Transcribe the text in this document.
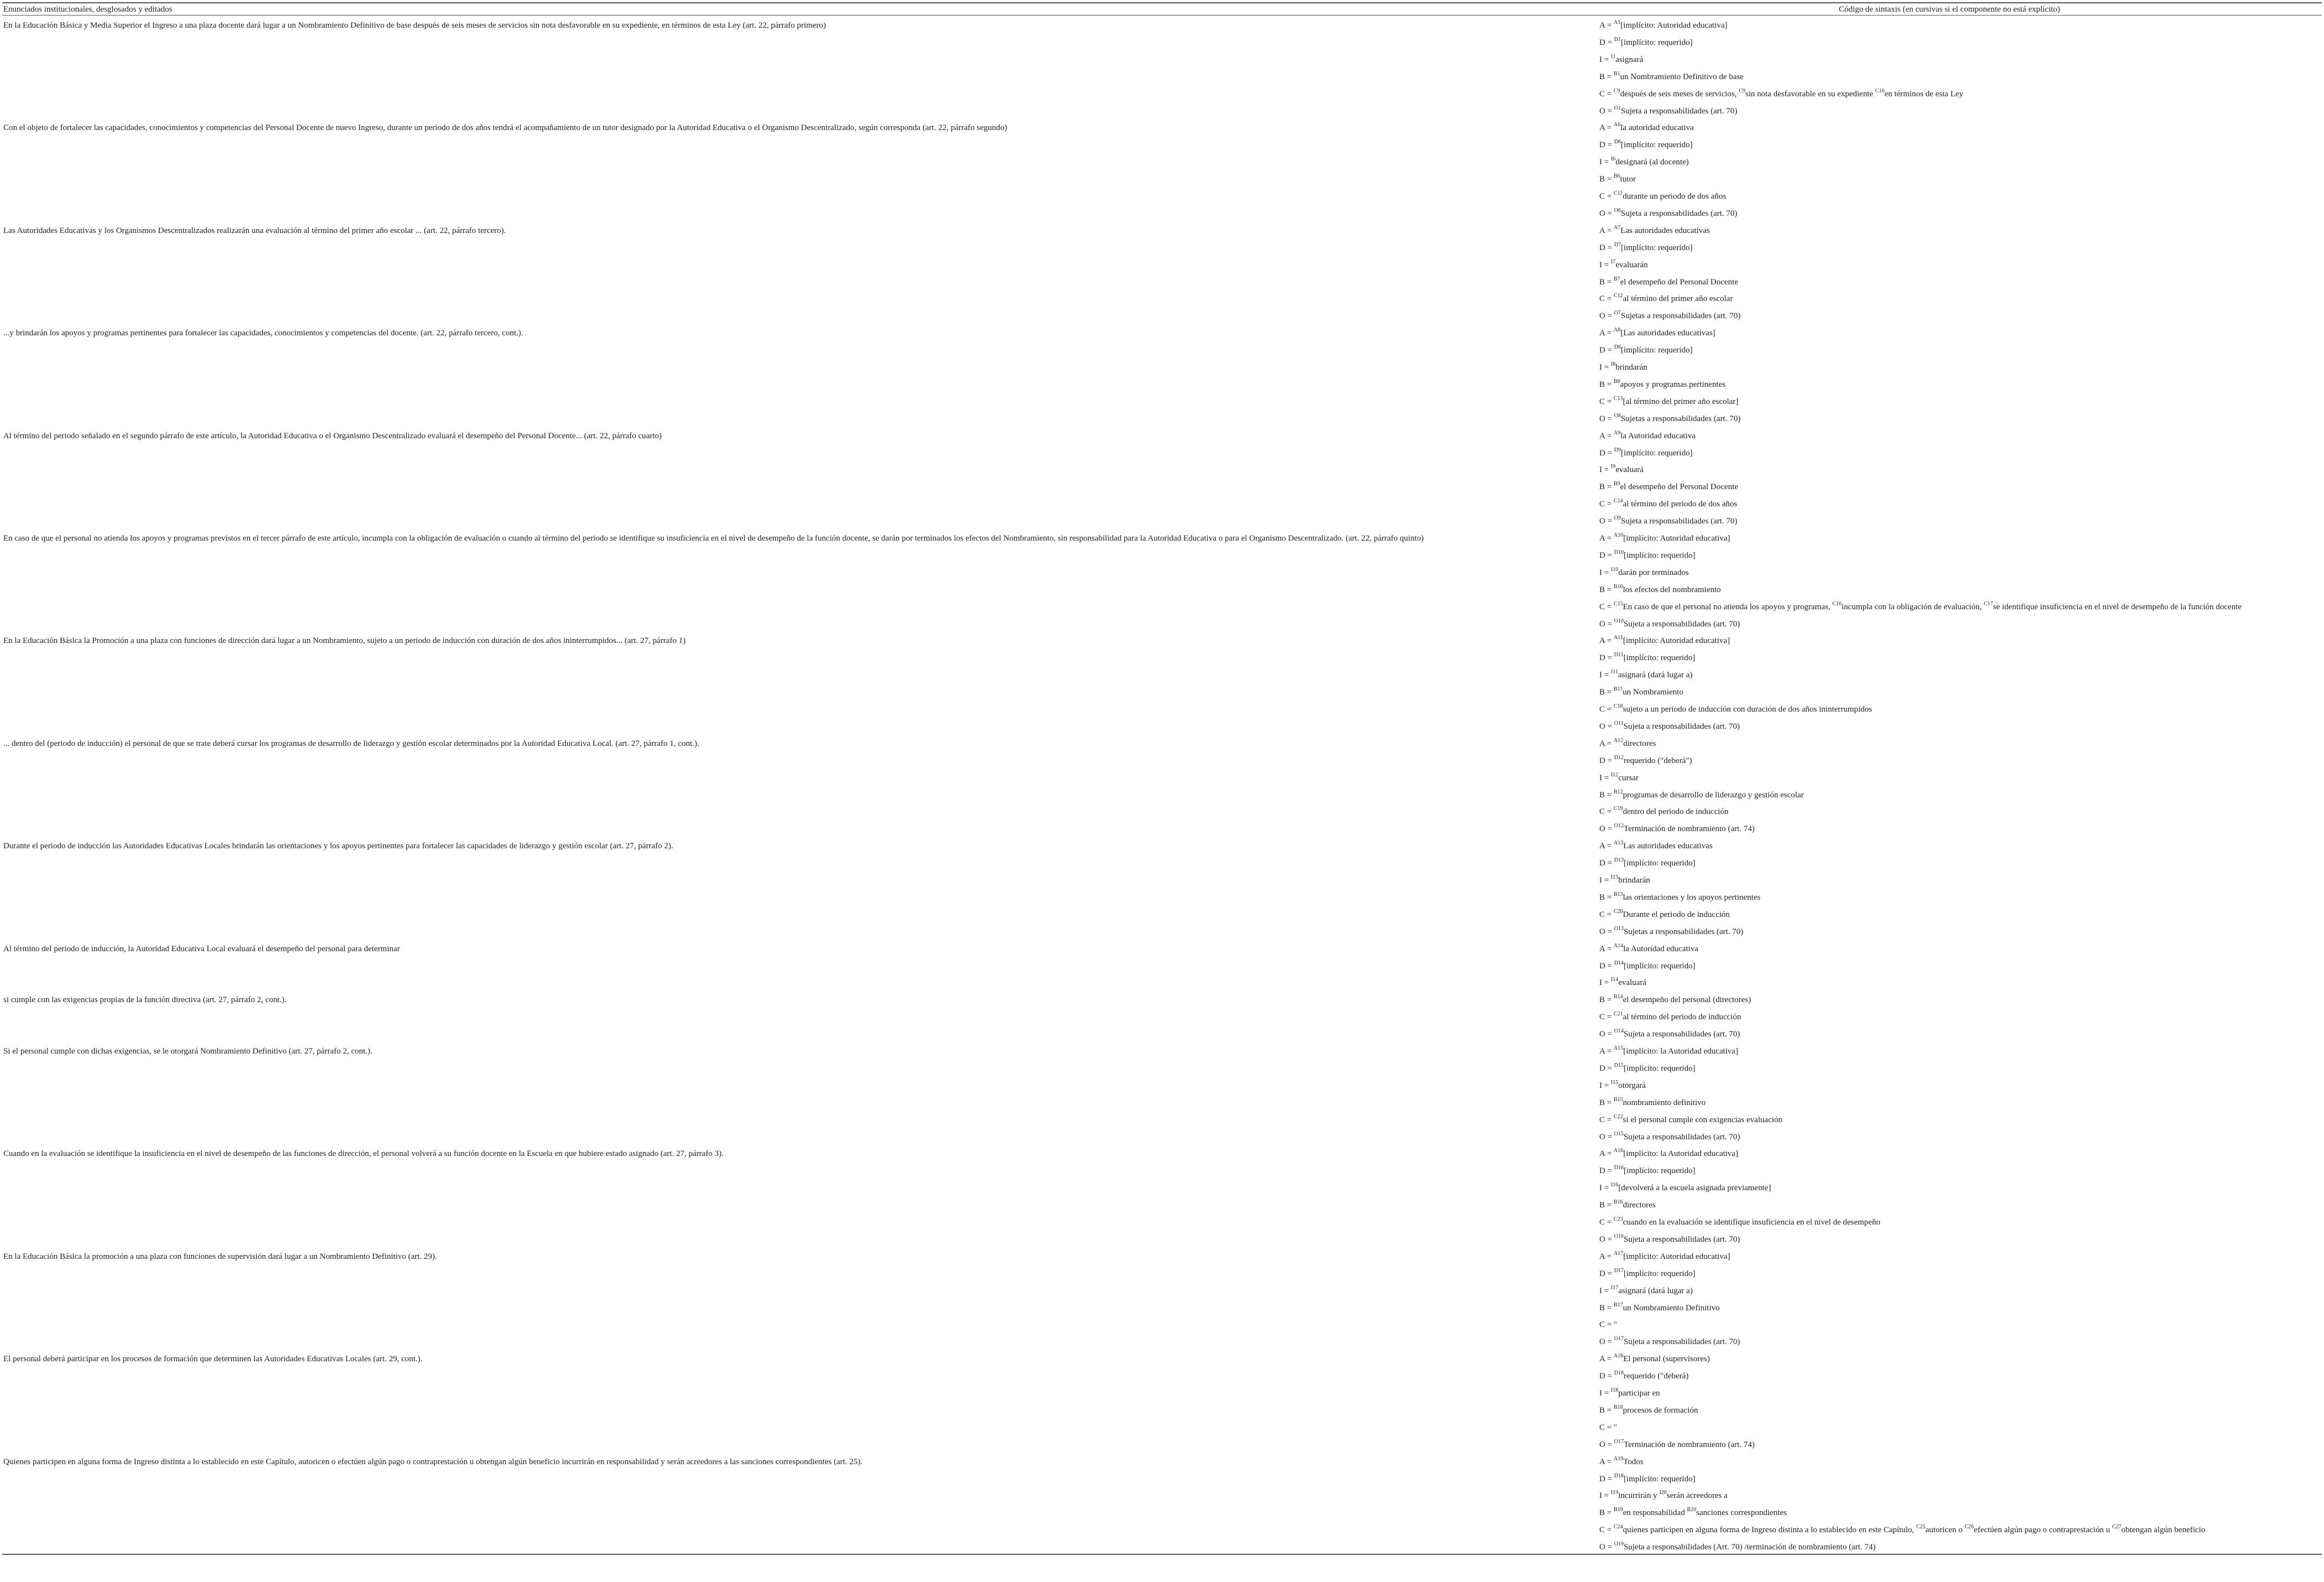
Enunciados institucionales, desglosados y editados	Código de sintaxis (en cursivas si el componente no está explícito)
En la Educación Básica y Media Superior el Ingreso a una plaza docente dará lugar a un Nombramiento Definitivo de base después de seis meses de servicios sin nota desfavorable en su expediente, en términos de esta Ley (art. 22, párrafo primero)	A = $^{A1}$[implícito: Autoridad educativa]
D = $^{D1}$[implícito: requerido]
I = $^{I1}$asignará
B = $^{B1}$un Nombramiento Definitivo de base
C = $^{C9}$después de seis meses de servicios, $^{C9}$sin nota desfavorable en su expediente $^{C10}$en términos de esta Ley
O = $^{O1}$Sujeta a responsabilidades (art. 70)
Con el objeto de fortalecer las capacidades, conocimientos y competencias del Personal Docente de nuevo Ingreso, durante un periodo de dos años tendrá el acompañamiento de un tutor designado por la Autoridad Educativa o el Organismo Descentralizado, según corresponda (art. 22, párrafo segundo)	A = $^{A6}$la autoridad educativa
D = $^{D6}$[implícito: requerido]
I = $^{I6}$designará (al docente)
B = $^{B6}$tutor
C = $^{C11}$durante un periodo de dos años
O = $^{O6}$Sujeta a responsabilidades (art. 70)
Las Autoridades Educativas y los Organismos Descentralizados realizarán una evaluación al término del primer año escolar ... (art. 22, párrafo tercero).	A = $^{A7}$Las autoridades educativas
D = $^{D7}$[implícito: requerido]
I = $^{I7}$evaluarán
B = $^{B7}$el desempeño del Personal Docente
C = $^{C12}$al término del primer año escolar
O = $^{O7}$Sujetas a responsabilidades (art. 70)
...y brindarán los apoyos y programas pertinentes para fortalecer las capacidades, conocimientos y competencias del docente. (art. 22, párrafo tercero, cont.).	A = $^{A8}$[Las autoridades educativas]
D = $^{D8}$[implícito: requerido]
I = $^{I8}$brindarán
B = $^{B8}$apoyos y programas pertinentes
C = $^{C13}$[al término del primer año escolar]
O = $^{O8}$Sujetas a responsabilidades (art. 70)
Al término del periodo señalado en el segundo párrafo de este artículo, la Autoridad Educativa o el Organismo Descentralizado evaluará el desempeño del Personal Docente... (art. 22, párrafo cuarto)	A = $^{A9}$la Autoridad educativa
D = $^{D9}$[implícito: requerido]
I = $^{I9}$evaluará
B = $^{B9}$el desempeño del Personal Docente
C = $^{C14}$al término del periodo de dos años
O = $^{O9}$Sujeta a responsabilidades (art. 70)
En caso de que el personal no atienda los apoyos y programas previstos en el tercer párrafo de este artículo, incumpla con la obligación de evaluación o cuando al término del periodo se identifique su insuficiencia en el nivel de desempeño de la función docente, se darán por terminados los efectos del Nombramiento, sin responsabilidad para la Autoridad Educativa o para el Organismo Descentralizado. (art. 22, párrafo quinto)	A = $^{A10}$[implícito: Autoridad educativa]
D = $^{D10}$[implícito: requerido]
I = $^{I10}$darán por terminados
B = $^{B10}$los efectos del nombramiento
C = $^{C15}$En caso de que el personal no atienda los apoyos y programas, $^{C16}$incumpla con la obligación de evaluación, $^{C17}$se identifique insuficiencia en el nivel de desempeño de la función docente
O = $^{O10}$Sujeta a responsabilidades (art. 70)
En la Educación Básica la Promoción a una plaza con funciones de dirección dará lugar a un Nombramiento, sujeto a un periodo de inducción con duración de dos años ininterrumpidos... (art. 27, párrafo 1)	A = $^{A11}$[implícito: Autoridad educativa]
D = $^{D11}$[implícito: requerido]
I = $^{I11}$asignará (dará lugar a)
B = $^{B11}$un Nombramiento
C = $^{C18}$sujeto a un periodo de inducción con duración de dos años ininterrumpidos
O = $^{O11}$Sujeta a responsabilidades (art. 70)
... dentro del (periodo de inducción) el personal de que se trate deberá cursar los programas de desarrollo de liderazgo y gestión escolar determinados por la Autoridad Educativa Local. (art. 27, párrafo 1, cont.).	A = $^{A12}$directores
D = $^{D12}$requerido ("deberá")
I = $^{I12}$cursar
B = $^{B12}$programas de desarrollo de liderazgo y gestión escolar
C = $^{C19}$dentro del periodo de inducción
O = $^{O12}$Terminación de nombramiento (art. 74)
Durante el periodo de inducción las Autoridades Educativas Locales brindarán las orientaciones y los apoyos pertinentes para fortalecer las capacidades de liderazgo y gestión escolar (art. 27, párrafo 2).	A = $^{A13}$Las autoridades educativas
D = $^{D13}$[implícito: requerido]
I = $^{I13}$brindarán
B = $^{B13}$las orientaciones y los apoyos pertinentes
C = $^{C20}$Durante el periodo de inducción
O = $^{O13}$Sujetas a responsabilidades (art. 70)
Al término del periodo de inducción, la Autoridad Educativa Local evaluará el desempeño del personal para determinar	A = $^{A14}$la Autoridad educativa
D = $^{D14}$[implícito: requerido]
I = $^{I14}$evaluará
si cumple con las exigencias propias de la función directiva (art. 27, párrafo 2, cont.).	B = $^{B14}$el desempeño del personal (directores)
C = $^{C21}$al término del periodo de inducción
O = $^{O14}$Sujeta a responsabilidades (art. 70)
Si el personal cumple con dichas exigencias, se le otorgará Nombramiento Definitivo (art. 27, párrafo 2, cont.).	A = $^{A15}$[implícito: la Autoridad educativa]
D = $^{D15}$[implícito: requerido]
I = $^{I15}$otorgará
B = $^{B15}$nombramiento definitivo
C = $^{C22}$si el personal cumple con exigencias evaluación
O = $^{O15}$Sujeta a responsabilidades (art. 70)
Cuando en la evaluación se identifique la insuficiencia en el nivel de desempeño de las funciones de dirección, el personal volverá a su función docente en la Escuela en que hubiere estado asignado (art. 27, párrafo 3).	A = $^{A16}$[implícito: la Autoridad educativa]
D = $^{D16}$[implícito: requerido]
I = $^{I16}$[devolverá a la escuela asignada previamente]
B = $^{B16}$directores
C = $^{C23}$cuando en la evaluación se identifique insuficiencia en el nivel de desempeño
O = $^{O16}$Sujeta a responsabilidades (art. 70)
En la Educación Básica la promoción a una plaza con funciones de supervisión dará lugar a un Nombramiento Definitivo (art. 29).	A = $^{A17}$[implícito: Autoridad educativa]
D = $^{D17}$[implícito: requerido]
I = $^{I17}$asignará (dará lugar a)
B = $^{B17}$un Nombramiento Definitivo
C = "
O = $^{O17}$Sujeta a responsabilidades (art. 70)
El personal deberá participar en los procesos de formación que determinen las Autoridades Educativas Locales (art. 29, cont.).	A = $^{A18}$El personal (supervisores)
D = $^{D18}$requerido ("deberá)
I = $^{I18}$participar en
B = $^{B18}$procesos de formación
C = "
O = $^{O17}$Terminación de nombramiento (art. 74)
Quienes participen en alguna forma de Ingreso distinta a lo establecido en este Capítulo, autoricen o efectúen algún pago o contraprestación u obtengan algún beneficio incurrirán en responsabilidad y serán acreedores a las sanciones correspondientes (art. 25).	A = $^{A19}$Todos
D = $^{D18}$[implícito: requerido]
I = $^{I19}$incurrirán y $^{I20}$serán acreedores a
B = $^{B19}$en responsabilidad $^{B20}$sanciones correspondientes
C = $^{C24}$quienes participen en alguna forma de Ingreso distinta a lo establecido en este Capítulo, $^{C25}$autoricen o $^{C26}$efectúen algún pago o contraprestación u $^{C27}$obtengan algún beneficio
O = $^{O19}$Sujeta a responsabilidades (Art. 70) /terminación de nombramiento (art. 74)
